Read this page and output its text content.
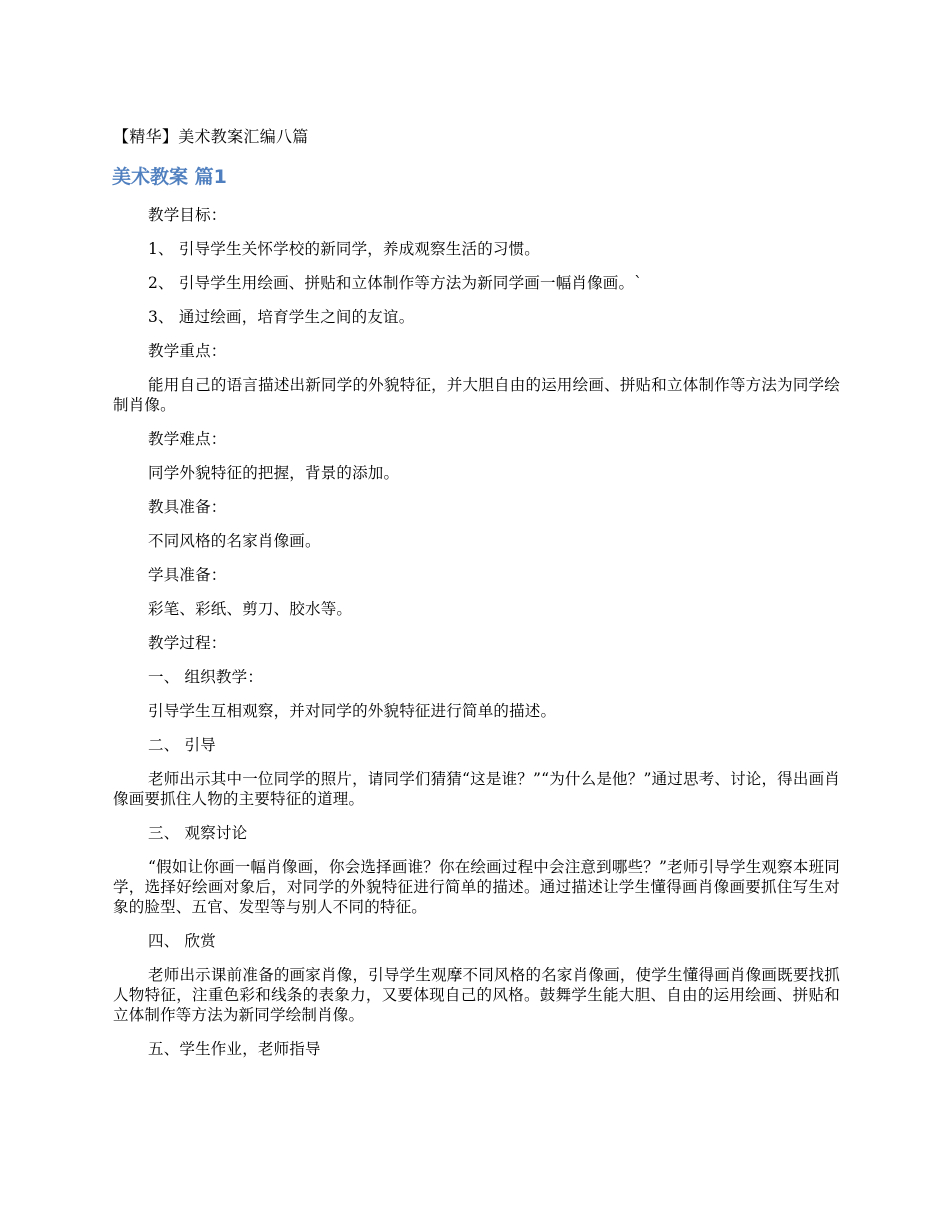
【精华】美术教案汇编八篇
美术教案 篇1

教学目标：

1、 引导学生关怀学校的新同学，养成观察生活的习惯。

2、 引导学生用绘画、拼贴和立体制作等方法为新同学画一幅肖像画。`

3、 通过绘画，培育学生之间的友谊。

教学重点：

能用自己的语言描述出新同学的外貌特征，并大胆自由的运用绘画、拼贴和立体制作等方法为同学绘制肖像。

教学难点：

同学外貌特征的把握，背景的添加。

教具准备：

不同风格的名家肖像画。

学具准备：

彩笔、彩纸、剪刀、胶水等。

教学过程：

一、 组织教学：

引导学生互相观察，并对同学的外貌特征进行简单的描述。

二、 引导

老师出示其中一位同学的照片，请同学们猜猜“这是谁？”“为什么是他？”通过思考、讨论，得出画肖像画要抓住人物的主要特征的道理。

三、 观察讨论

“假如让你画一幅肖像画，你会选择画谁？你在绘画过程中会注意到哪些？”老师引导学生观察本班同学，选择好绘画对象后，对同学的外貌特征进行简单的描述。通过描述让学生懂得画肖像画要抓住写生对象的脸型、五官、发型等与别人不同的特征。

四、 欣赏

老师出示课前准备的画家肖像，引导学生观摩不同风格的名家肖像画，使学生懂得画肖像画既要找抓人物特征，注重色彩和线条的表象力，又要体现自己的风格。鼓舞学生能大胆、自由的运用绘画、拼贴和立体制作等方法为新同学绘制肖像。

五、学生作业，老师指导
